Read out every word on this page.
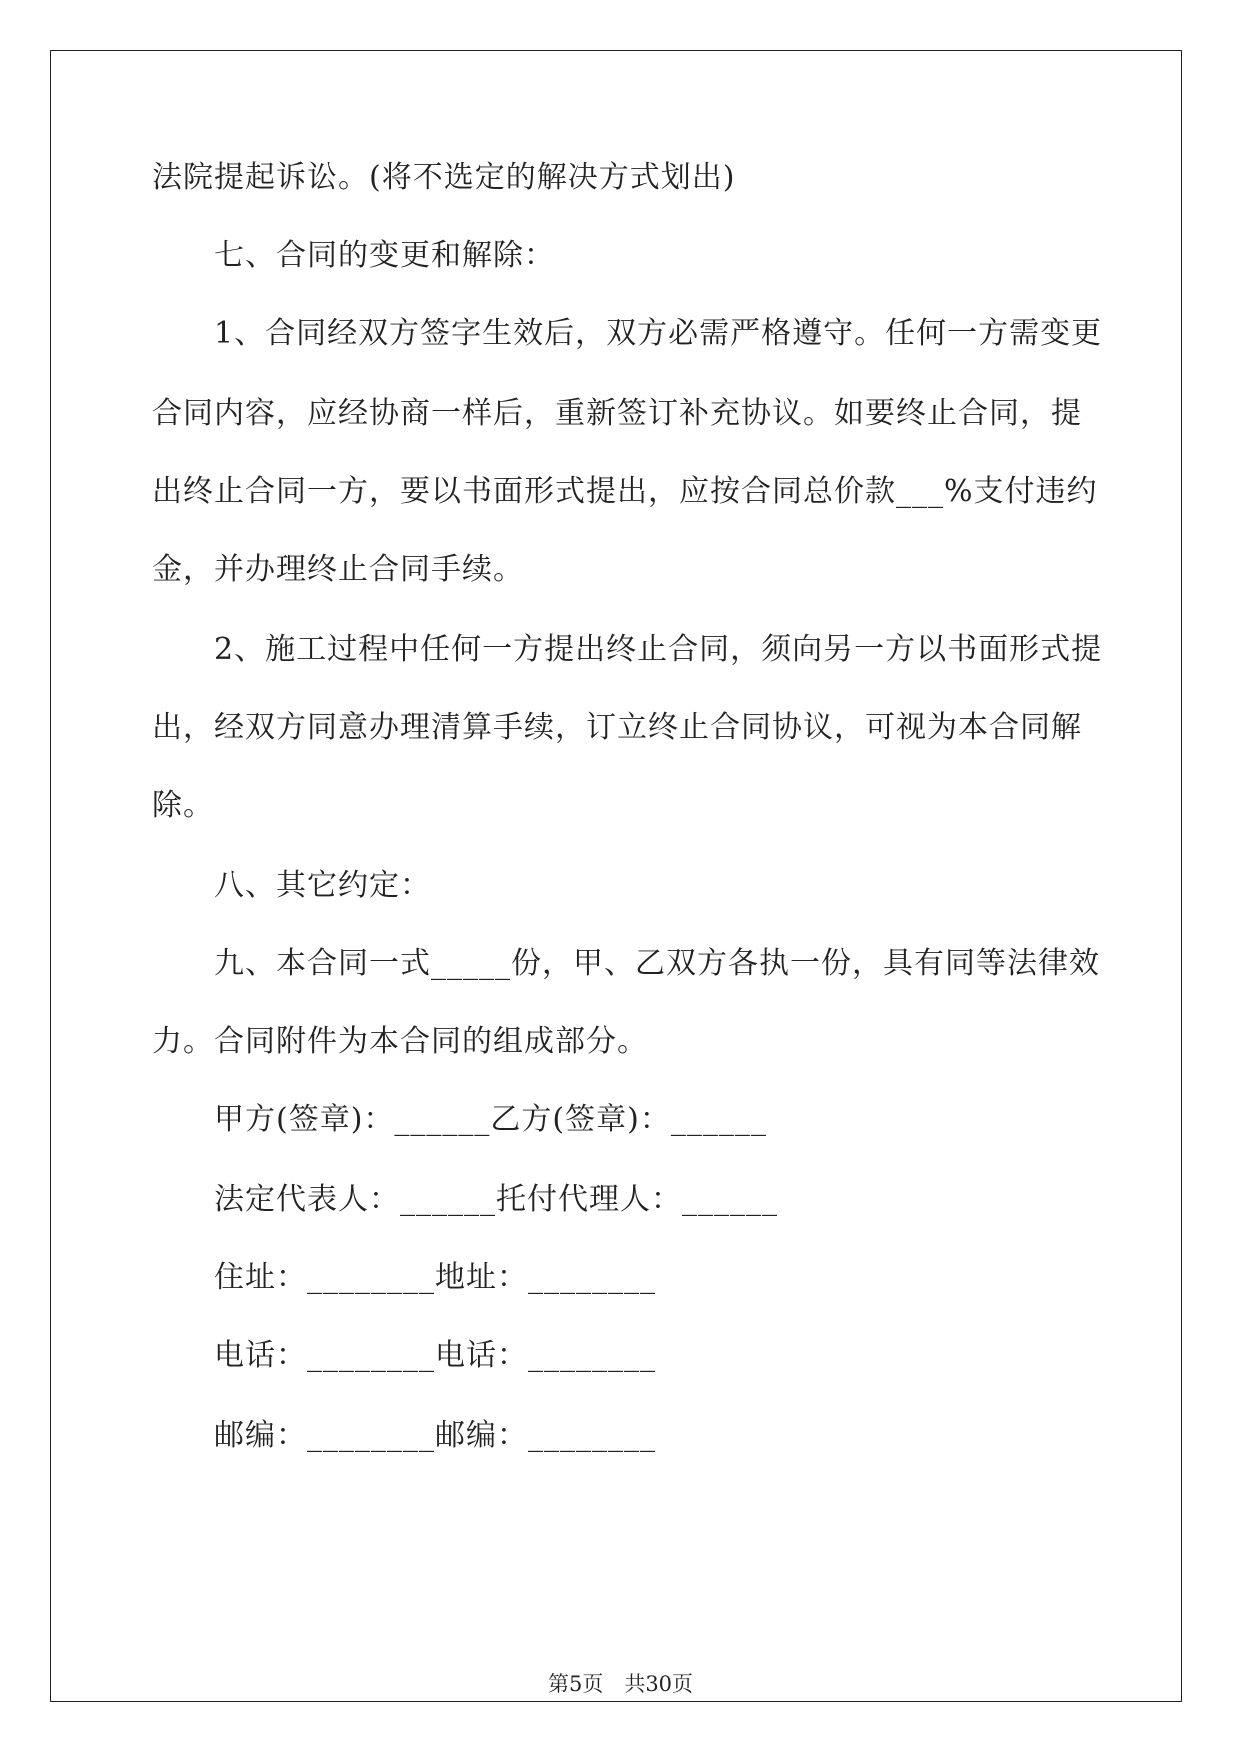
法院提起诉讼。(将不选定的解决方式划出)
七、合同的变更和解除：
1、合同经双方签字生效后，双方必需严格遵守。任何一方需变更
合同内容，应经协商一样后，重新签订补充协议。如要终止合同，提
出终止合同一方，要以书面形式提出，应按合同总价款___%支付违约
金，并办理终止合同手续。
2、施工过程中任何一方提出终止合同，须向另一方以书面形式提
出，经双方同意办理清算手续，订立终止合同协议，可视为本合同解
除。
八、其它约定：
九、本合同一式_____份，甲、乙双方各执一份，具有同等法律效
力。合同附件为本合同的组成部分。
甲方(签章)：______乙方(签章)：______
法定代表人：______托付代理人：______
住址：________地址：________
电话：________电话：________
邮编：________邮编：________
第5页　共30页
